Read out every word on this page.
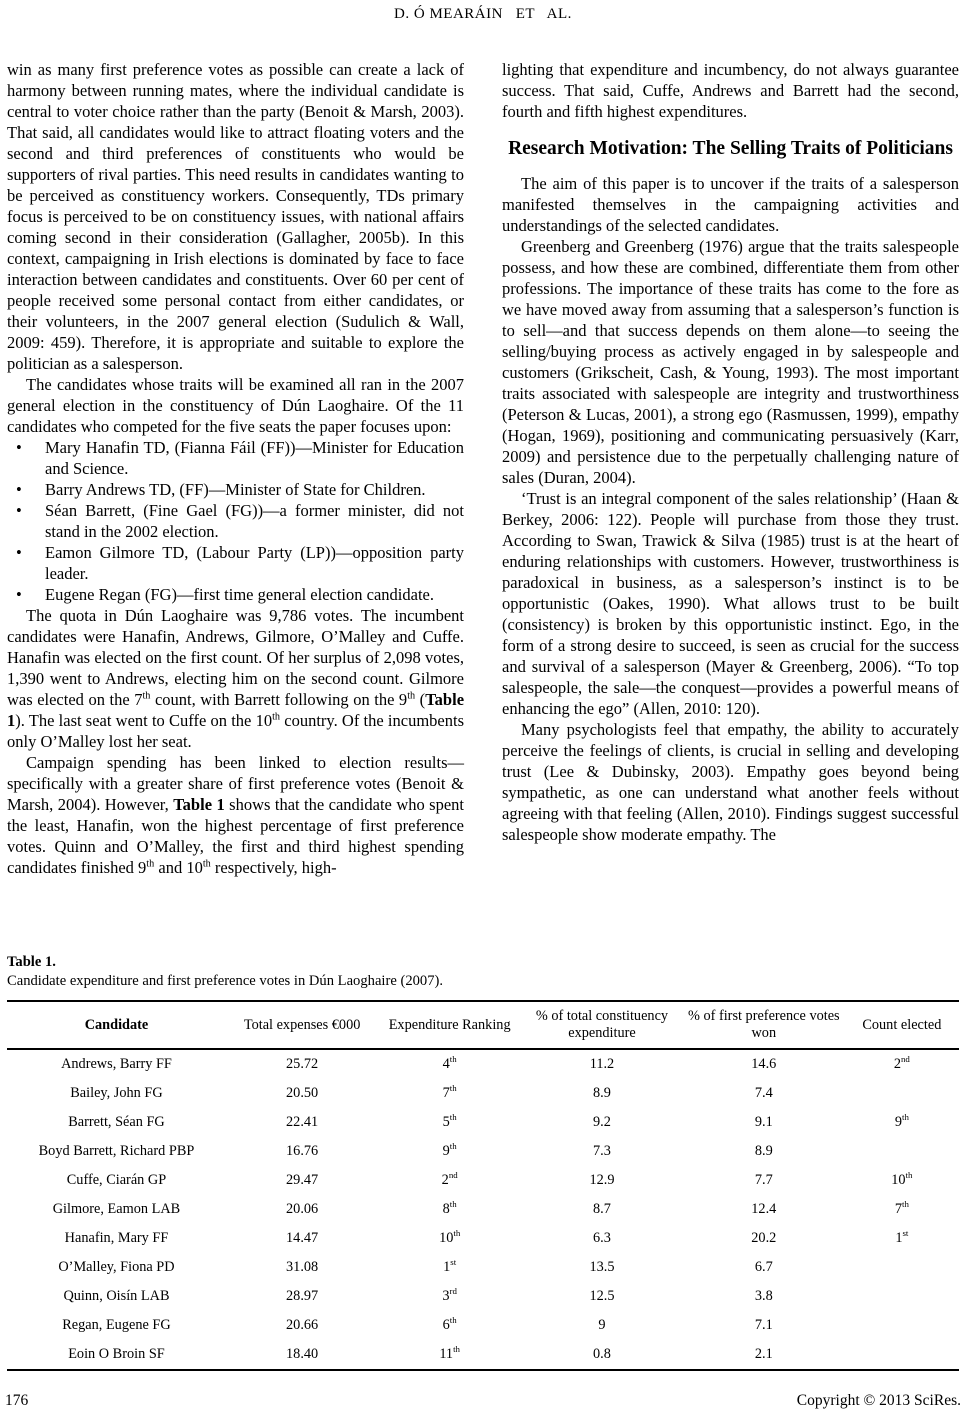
D. Ó MEARÁIN   ET   AL.

win as many first preference votes as possible can create a lack of harmony between running mates, where the individual candidate is central to voter choice rather than the party (Benoit & Marsh, 2003). That said, all candidates would like to attract floating voters and the second and third preferences of constituents who would be supporters of rival parties. This need results in candidates wanting to be perceived as constituency workers. Consequently, TDs primary focus is perceived to be on constituency issues, with national affairs coming second in their consideration (Gallagher, 2005b). In this context, campaigning in Irish elections is dominated by face to face interaction between candidates and constituents. Over 60 per cent of people received some personal contact from either candidates, or their volunteers, in the 2007 general election (Sudulich & Wall, 2009: 459). Therefore, it is appropriate and suitable to explore the politician as a salesperson.

The candidates whose traits will be examined all ran in the 2007 general election in the constituency of Dún Laoghaire. Of the 11 candidates who competed for the five seats the paper focuses upon:

• Mary Hanafin TD, (Fianna Fáil (FF))—Minister for Education and Science.
• Barry Andrews TD, (FF)—Minister of State for Children.
• Séan Barrett, (Fine Gael (FG))—a former minister, did not stand in the 2002 election.
• Eamon Gilmore TD, (Labour Party (LP))—opposition party leader.
• Eugene Regan (FG)—first time general election candidate.

The quota in Dún Laoghaire was 9,786 votes. The incumbent candidates were Hanafin, Andrews, Gilmore, O’Malley and Cuffe. Hanafin was elected on the first count. Of her surplus of 2,098 votes, 1,390 went to Andrews, electing him on the second count. Gilmore was elected on the 7th count, with Barrett following on the 9th (Table 1). The last seat went to Cuffe on the 10th country. Of the incumbents only O’Malley lost her seat.

Campaign spending has been linked to election results—specifically with a greater share of first preference votes (Benoit & Marsh, 2004). However, Table 1 shows that the candidate who spent the least, Hanafin, won the highest percentage of first preference votes. Quinn and O’Malley, the first and third highest spending candidates finished 9th and 10th respectively, high-

lighting that expenditure and incumbency, do not always guarantee success. That said, Cuffe, Andrews and Barrett had the second, fourth and fifth highest expenditures.

Research Motivation: The Selling Traits of Politicians

The aim of this paper is to uncover if the traits of a salesperson manifested themselves in the campaigning activities and understandings of the selected candidates.

Greenberg and Greenberg (1976) argue that the traits salespeople possess, and how these are combined, differentiate them from other professions. The importance of these traits has come to the fore as we have moved away from assuming that a salesperson’s function is to sell—and that success depends on them alone—to seeing the selling/buying process as actively engaged in by salespeople and customers (Grikscheit, Cash, & Young, 1993). The most important traits associated with salespeople are integrity and trustworthiness (Peterson & Lucas, 2001), a strong ego (Rasmussen, 1999), empathy (Hogan, 1969), positioning and communicating persuasively (Karr, 2009) and persistence due to the perpetually challenging nature of sales (Duran, 2004).

‘Trust is an integral component of the sales relationship’ (Haan & Berkey, 2006: 122). People will purchase from those they trust. According to Swan, Trawick & Silva (1985) trust is at the heart of enduring relationships with customers. However, trustworthiness is paradoxical in business, as a salesperson’s instinct is to be opportunistic (Oakes, 1990). What allows trust to be built (consistency) is broken by this opportunistic instinct. Ego, in the form of a strong desire to succeed, is seen as crucial for the success and survival of a salesperson (Mayer & Greenberg, 2006). “To top salespeople, the sale—the conquest—provides a powerful means of enhancing the ego” (Allen, 2010: 120).

Many psychologists feel that empathy, the ability to accurately perceive the feelings of clients, is crucial in selling and developing trust (Lee & Dubinsky, 2003). Empathy goes beyond being sympathetic, as one can understand what another feels without agreeing with that feeling (Allen, 2010). Findings suggest successful salespeople show moderate empathy. The

Table 1.
Candidate expenditure and first preference votes in Dún Laoghaire (2007).
Candidate	Total expenses €000	Expenditure Ranking	% of total constituency expenditure	% of first preference votes won	Count elected
Andrews, Barry FF	25.72	4th	11.2	14.6	2nd
Bailey, John FG	20.50	7th	8.9	7.4	
Barrett, Séan FG	22.41	5th	9.2	9.1	9th
Boyd Barrett, Richard PBP	16.76	9th	7.3	8.9	
Cuffe, Ciarán GP	29.47	2nd	12.9	7.7	10th
Gilmore, Eamon LAB	20.06	8th	8.7	12.4	7th
Hanafin, Mary FF	14.47	10th	6.3	20.2	1st
O’Malley, Fiona PD	31.08	1st	13.5	6.7	
Quinn, Oisín LAB	28.97	3rd	12.5	3.8	
Regan, Eugene FG	20.66	6th	9	7.1	
Eoin O Broin SF	18.40	11th	0.8	2.1	
176	Copyright © 2013 SciRes.
